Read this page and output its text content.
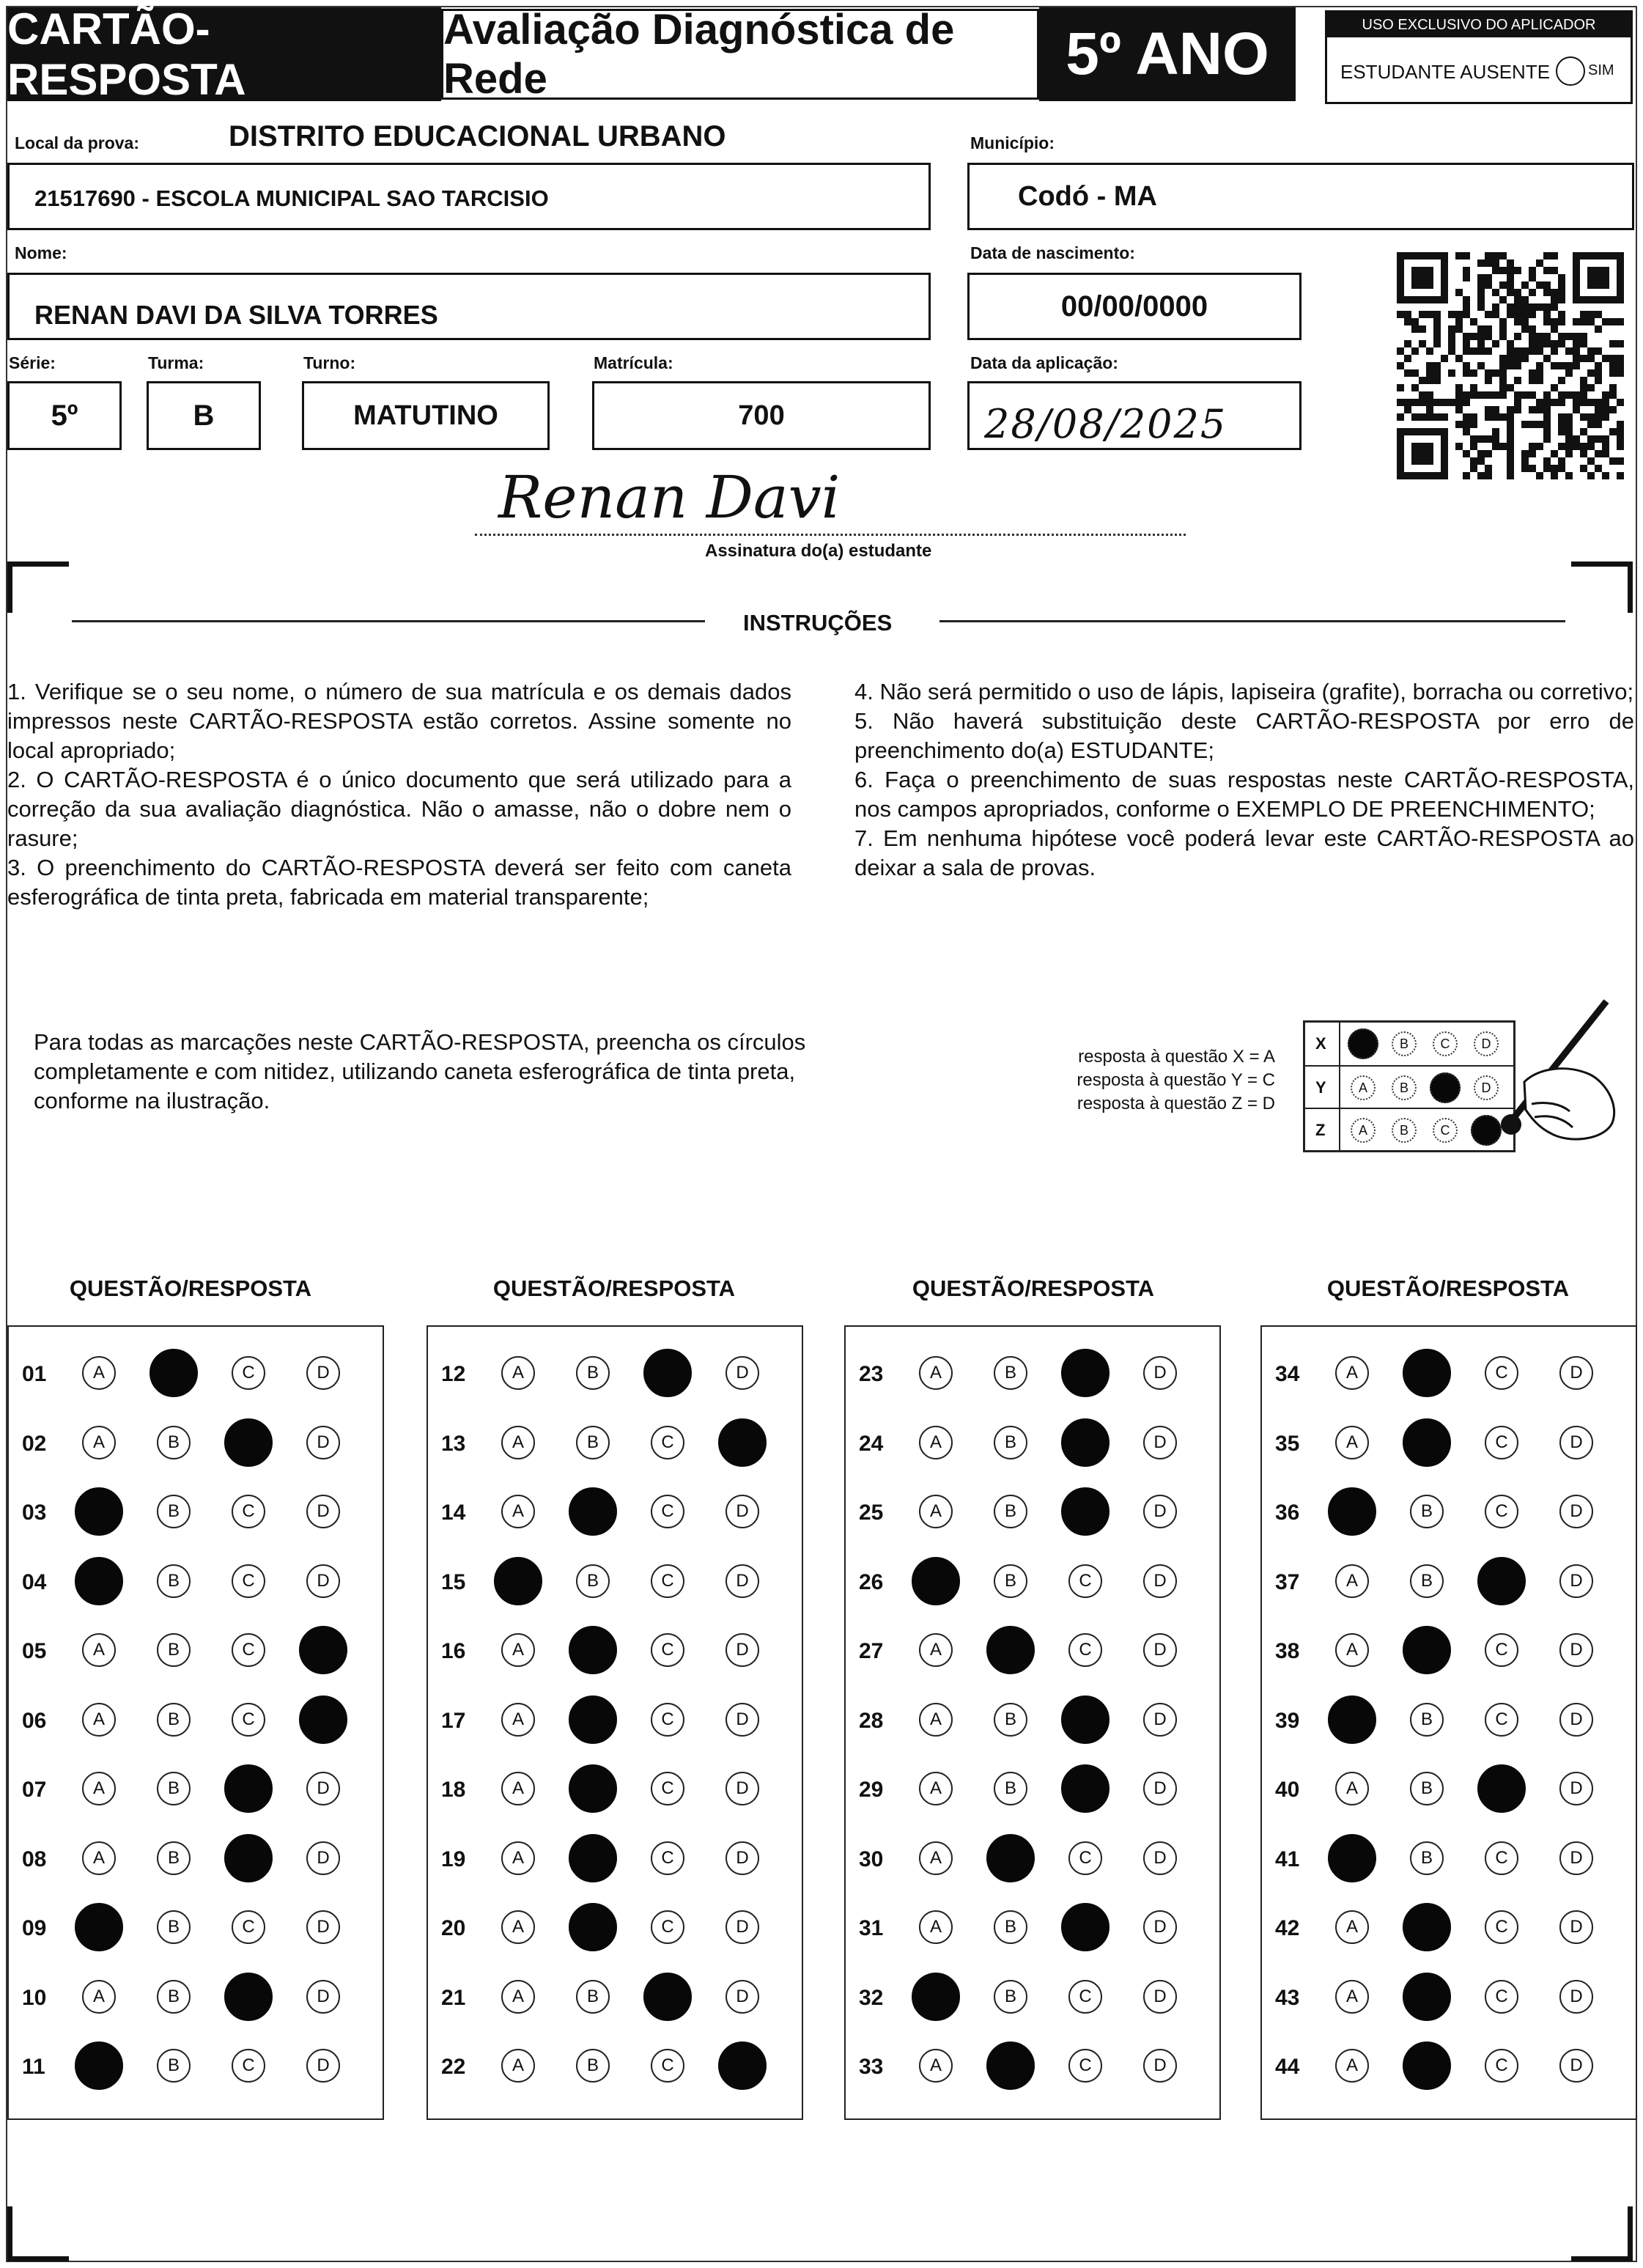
CARTÃO-RESPOSTA
Avaliação Diagnóstica de Rede	5º ANO	USO EXCLUSIVO DO APLICADOR
ESTUDANTE AUSENTE	SIM
Local da prova:	DISTRITO EDUCACIONAL URBANO
21517690 - ESCOLA MUNICIPAL SAO TARCISIO
Município:
Codó - MA
Nome:
RENAN DAVI DA SILVA TORRES
Data de nascimento:
00/00/0000
Série:
5º
Turma:
B
Turno:
MATUTINO
Matrícula:
700
Data da aplicação:
28/08/2025
Renan Davi
Assinatura do(a) estudante
INSTRUÇÕES

1. Verifique se o seu nome, o número de sua matrícula e os demais dados impressos neste CARTÃO-RESPOSTA estão corretos. Assine somente no local apropriado;

2. O CARTÃO-RESPOSTA é o único documento que será utilizado para a correção da sua avaliação diagnóstica. Não o amasse, não o dobre nem o rasure;

3. O preenchimento do CARTÃO-RESPOSTA deverá ser feito com caneta esferográfica de tinta preta, fabricada em material transparente;

4. Não será permitido o uso de lápis, lapiseira (grafite), borracha ou corretivo;

5. Não haverá substituição deste CARTÃO-RESPOSTA por erro de preenchimento do(a) ESTUDANTE;

6. Faça o preenchimento de suas respostas neste CARTÃO-RESPOSTA, nos campos apropriados, conforme o EXEMPLO DE PREENCHIMENTO;

7. Em nenhuma hipótese você poderá levar este CARTÃO-RESPOSTA ao deixar a sala de provas.

Para todas as marcações neste CARTÃO-RESPOSTA, preencha os círculos completamente e com nitidez, utilizando caneta esferográfica de tinta preta, conforme na ilustração.
resposta à questão X = A
resposta à questão Y = C
resposta à questão Z = D
X	B	C	D
Y	A	B	D
Z	A	B	C
QUESTÃO/RESPOSTA	QUESTÃO/RESPOSTA	QUESTÃO/RESPOSTA	QUESTÃO/RESPOSTA
01	A	B	C	D
02	A	B	C	D
03	A	B	C	D
04	A	B	C	D
05	A	B	C	D
06	A	B	C	D
07	A	B	C	D
08	A	B	C	D
09	A	B	C	D
10	A	B	C	D
11	A	B	C	D
12	A	B	C	D
13	A	B	C	D
14	A	B	C	D
15	A	B	C	D
16	A	B	C	D
17	A	B	C	D
18	A	B	C	D
19	A	B	C	D
20	A	B	C	D
21	A	B	C	D
22	A	B	C	D
23	A	B	C	D
24	A	B	C	D
25	A	B	C	D
26	A	B	C	D
27	A	B	C	D
28	A	B	C	D
29	A	B	C	D
30	A	B	C	D
31	A	B	C	D
32	A	B	C	D
33	A	B	C	D
34	A	B	C	D
35	A	B	C	D
36	A	B	C	D
37	A	B	C	D
38	A	B	C	D
39	A	B	C	D
40	A	B	C	D
41	A	B	C	D
42	A	B	C	D
43	A	B	C	D
44	A	B	C	D
